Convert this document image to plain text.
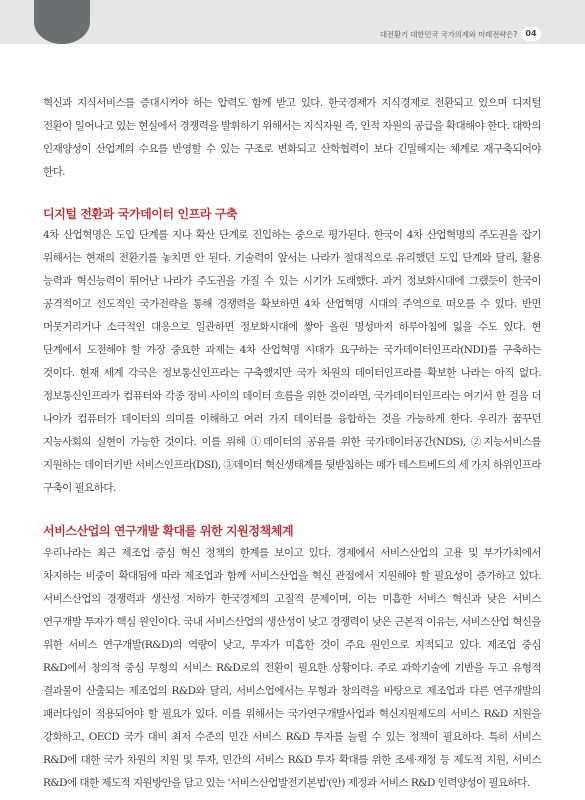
대전환기 대한민국 국가의제와 미래전략은?	04

혁신과 지식서비스를 증대시켜야 하는 압력도 함께 받고 있다. 한국경제가 지식경제로 전환되고 있으며 디지털 전환이 일어나고 있는 현실에서 경쟁력을 발휘하기 위해서는 지식자원 즉, 인적 자원의 공급을 확대해야 한다. 대학의 인재양성이 산업계의 수요를 반영할 수 있는 구조로 변화되고 산학협력이 보다 긴밀해지는 체계로 재구축되어야 한다.

디지털 전환과 국가데이터 인프라 구축

4차 산업혁명은 도입 단계를 지나 확산 단계로 진입하는 중으로 평가된다. 한국이 4차 산업혁명의 주도권을 잡기 위해서는 현재의 전환기를 놓치면 안 된다. 기술력이 앞서는 나라가 절대적으로 유리했던 도입 단계와 달리, 활용 능력과 혁신능력이 뛰어난 나라가 주도권을 가질 수 있는 시기가 도래했다. 과거 정보화시대에 그랬듯이 한국이 공격적이고 선도적인 국가전략을 통해 경쟁력을 확보하면 4차 산업혁명 시대의 주역으로 떠오를 수 있다. 반면 머뭇거리거나 소극적인 대응으로 일관하면 정보화시대에 쌓아 올린 명성마저 하루아침에 잃을 수도 있다. 현 단계에서 도전해야 할 가장 중요한 과제는 4차 산업혁명 시대가 요구하는 국가데이터인프라(NDI)를 구축하는 것이다. 현재 세계 각국은 정보통신인프라는 구축했지만 국가 차원의 데이터인프라를 확보한 나라는 아직 없다. 정보통신인프라가 컴퓨터와 각종 장비 사이의 데이터 흐름을 위한 것이라면, 국가데이터인프라는 여기서 한 걸음 더 나아가 컴퓨터가 데이터의 의미를 이해하고 여러 가지 데이터를 융합하는 것을 가능하게 한다. 우리가 꿈꾸던 지능사회의 실현이 가능한 것이다. 이를 위해 ①데이터의 공유를 위한 국가데이터공간(NDS), ②지능서비스를 지원하는 데이터기반 서비스인프라(DSI), ③데이터 혁신생태계를 뒷받침하는 메가 테스트베드의 세 가지 하위인프라 구축이 필요하다.

서비스산업의 연구개발 확대를 위한 지원정책체계

우리나라는 최근 제조업 중심 혁신 정책의 한계를 보이고 있다. 경제에서 서비스산업의 고용 및 부가가치에서 차지하는 비중이 확대됨에 따라 제조업과 함께 서비스산업을 혁신 관점에서 지원해야 할 필요성이 증가하고 있다. 서비스산업의 경쟁력과 생산성 저하가 한국경제의 고질적 문제이며, 이는 미흡한 서비스 혁신과 낮은 서비스 연구개발 투자가 핵심 원인이다. 국내 서비스산업의 생산성이 낮고 경쟁력이 낮은 근본적 이유는, 서비스산업 혁신을 위한 서비스 연구개발(R&D)의 역량이 낮고, 투자가 미흡한 것이 주요 원인으로 지적되고 있다. 제조업 중심 R&D에서 창의적 중심 무형의 서비스 R&D로의 전환이 필요한 상황이다. 주로 과학기술에 기반을 두고 유형적 결과물이 산출되는 제조업의 R&D와 달리, 서비스업에서는 무형과 창의력을 바탕으로 제조업과 다른 연구개발의 패러다임이 적용되어야 할 필요가 있다. 이를 위해서는 국가연구개발사업과 혁신지원제도의 서비스 R&D 지원을 강화하고, OECD 국가 대비 최저 수준의 민간 서비스 R&D 투자를 늘릴 수 있는 정책이 필요하다. 특히 서비스 R&D에 대한 국가 차원의 지원 및 투자, 민간의 서비스 R&D 투자 확대를 위한 조세·재정 등 제도적 지원, 서비스 R&D에 대한 제도적 지원방안을 담고 있는 '서비스산업발전기본법'(안) 제정과 서비스 R&D 인력양성이 필요하다.
